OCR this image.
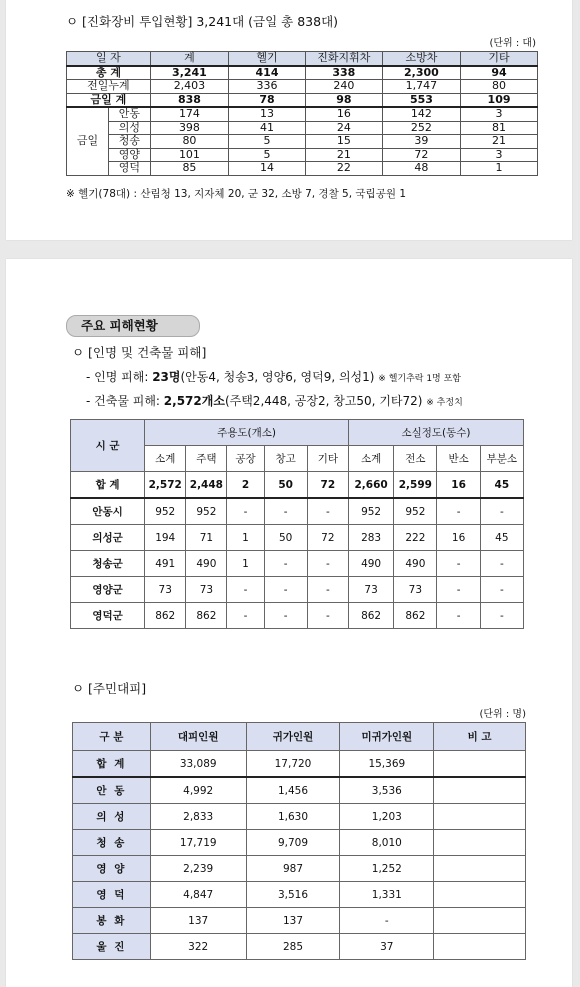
ㅇ [진화장비 투입현황] 3,241대 (금일 총 838대)
(단위 : 대)
일 자		계	헬기	진화지휘차	소방차	기타
총 계		3,241	414	338	2,300	94
전일누계		2,403	336	240	1,747	80
금일 계		838	78	98	553	109
금일	안동	174	13	16	142	3
	의성	398	41	24	252	81
	청송	80	5	15	39	21
	영양	101	5	21	72	3
	영덕	85	14	22	48	1
※ 헬기(78대) : 산림청 13, 지자체 20, 군 32, 소방 7, 경찰 5, 국립공원 1
주요 피해현황
ㅇ [인명 및 건축물 피해]
- 인명 피해: 23명(안동4, 청송3, 영양6, 영덕9, 의성1) ※ 헬기추락 1명 포함
- 건축물 피해: 2,572개소(주택2,448, 공장2, 창고50, 기타72) ※ 추정치
시 군	주용도(개소)					소실정도(동수)			
	소계	주택	공장	창고	기타	소계	전소	반소	부분소
합 계	2,572	2,448	2	50	72	2,660	2,599	16	45
안동시	952	952	-	-	-	952	952	-	-
의성군	194	71	1	50	72	283	222	16	45
청송군	491	490	1	-	-	490	490	-	-
영양군	73	73	-	-	-	73	73	-	-
영덕군	862	862	-	-	-	862	862	-	-
ㅇ [주민대피]
(단위 : 명)
구 분	대피인원	귀가인원	미귀가인원	비 고
합 계	33,089	17,720	15,369	
안 동	4,992	1,456	3,536	
의 성	2,833	1,630	1,203	
청 송	17,719	9,709	8,010	
영 양	2,239	987	1,252	
영 덕	4,847	3,516	1,331	
봉 화	137	137	-	
울 진	322	285	37	
